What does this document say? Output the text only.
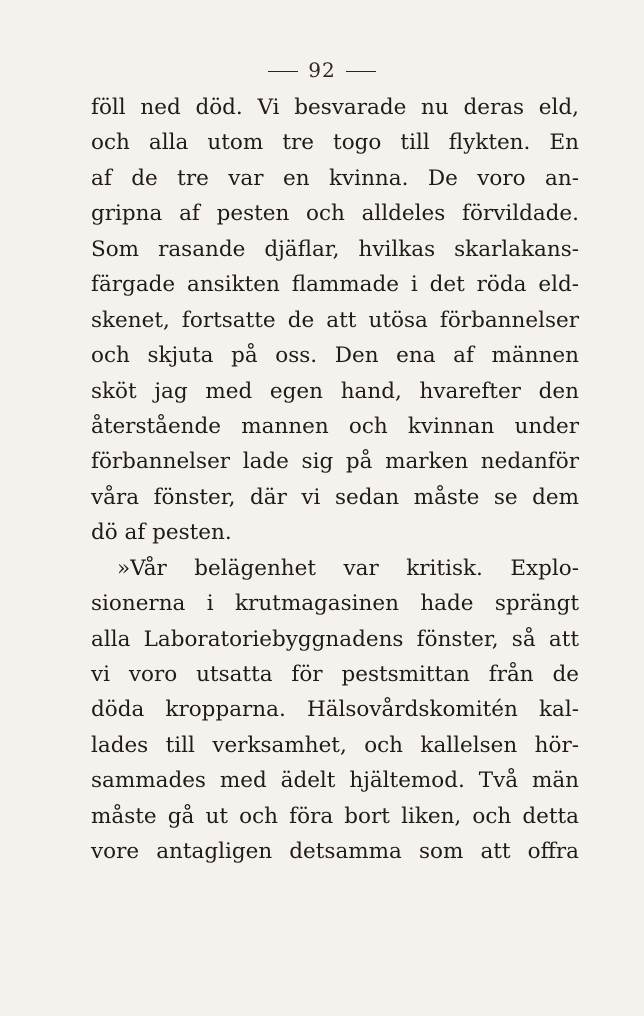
92
föll ned död. Vi besvarade nu deras eld,
och alla utom tre togo till flykten. En
af de tre var en kvinna. De voro an-
gripna af pesten och alldeles förvildade.
Som rasande djäflar, hvilkas skarlakans-
färgade ansikten flammade i det röda eld-
skenet, fortsatte de att utösa förbannelser
och skjuta på oss. Den ena af männen
sköt jag med egen hand, hvarefter den
återstående mannen och kvinnan under
förbannelser lade sig på marken nedanför
våra fönster, där vi sedan måste se dem
dö af pesten.
»Vår belägenhet var kritisk. Explo-
sionerna i krutmagasinen hade sprängt
alla Laboratoriebyggnadens fönster, så att
vi voro utsatta för pestsmittan från de
döda kropparna. Hälsovårdskomitén kal-
lades till verksamhet, och kallelsen hör-
sammades med ädelt hjältemod. Två män
måste gå ut och föra bort liken, och detta
vore antagligen detsamma som att offra
